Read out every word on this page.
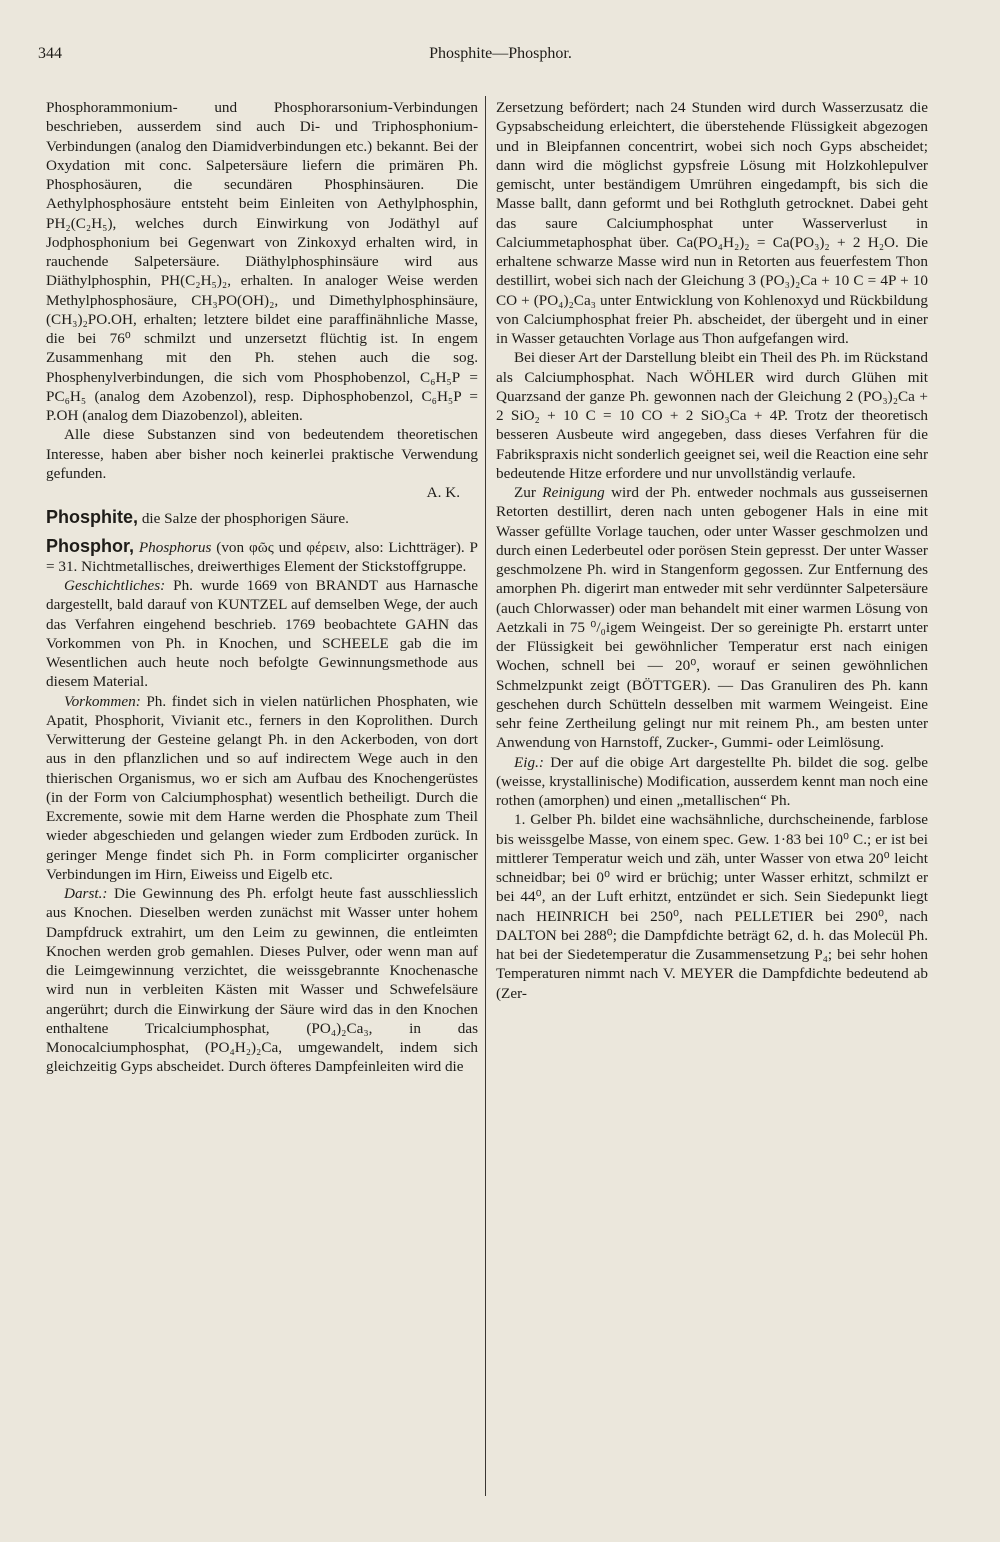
344	Phosphite—Phosphor.

Phosphorammonium- und Phosphorarsonium-Verbindungen beschrieben, ausserdem sind auch Di- und Triphosphonium-Verbindungen (analog den Diamidverbindungen etc.) bekannt. Bei der Oxydation mit conc. Salpetersäure liefern die primären Ph. Phosphosäuren, die secundären Phosphinsäuren. Die Aethylphosphosäure entsteht beim Einleiten von Aethylphosphin, PH₂(C₂H₅), welches durch Einwirkung von Jodäthyl auf Jodphosphonium bei Gegenwart von Zinkoxyd erhalten wird, in rauchende Salpetersäure. Diäthylphosphinsäure wird aus Diäthylphosphin, PH(C₂H₅)₂, erhalten. In analoger Weise werden Methylphosphosäure, CH₃PO(OH)₂, und Dimethylphosphinsäure, (CH₃)₂PO.OH, erhalten; letztere bildet eine paraffinähnliche Masse, die bei 76⁰ schmilzt und unzersetzt flüchtig ist. In engem Zusammenhang mit den Ph. stehen auch die sog. Phosphenylverbindungen, die sich vom Phosphobenzol, C₆H₅P = PC₆H₅ (analog dem Azobenzol), resp. Diphosphobenzol, C₆H₅P = P.OH (analog dem Diazobenzol), ableiten.

Alle diese Substanzen sind von bedeutendem theoretischen Interesse, haben aber bisher noch keinerlei praktische Verwendung gefunden.

A. K.

Phosphite, die Salze der phosphorigen Säure.

Phosphor, Phosphorus (von φῶς und φέρειν, also: Lichtträger). P = 31. Nichtmetallisches, dreiwerthiges Element der Stickstoffgruppe.

Geschichtliches: Ph. wurde 1669 von BRANDT aus Harnasche dargestellt, bald darauf von KUNTZEL auf demselben Wege, der auch das Verfahren eingehend beschrieb. 1769 beobachtete GAHN das Vorkommen von Ph. in Knochen, und SCHEELE gab die im Wesentlichen auch heute noch befolgte Gewinnungsmethode aus diesem Material.

Vorkommen: Ph. findet sich in vielen natürlichen Phosphaten, wie Apatit, Phosphorit, Vivianit etc., ferners in den Koprolithen. Durch Verwitterung der Gesteine gelangt Ph. in den Ackerboden, von dort aus in den pflanzlichen und so auf indirectem Wege auch in den thierischen Organismus, wo er sich am Aufbau des Knochengerüstes (in der Form von Calciumphosphat) wesentlich betheiligt. Durch die Excremente, sowie mit dem Harne werden die Phosphate zum Theil wieder abgeschieden und gelangen wieder zum Erdboden zurück. In geringer Menge findet sich Ph. in Form complicirter organischer Verbindungen im Hirn, Eiweiss und Eigelb etc.

Darst.: Die Gewinnung des Ph. erfolgt heute fast ausschliesslich aus Knochen. Dieselben werden zunächst mit Wasser unter hohem Dampfdruck extrahirt, um den Leim zu gewinnen, die entleimten Knochen werden grob gemahlen. Dieses Pulver, oder wenn man auf die Leimgewinnung verzichtet, die weissgebrannte Knochenasche wird nun in verbleiten Kästen mit Wasser und Schwefelsäure angerührt; durch die Einwirkung der Säure wird das in den Knochen enthaltene Tricalciumphosphat, (PO₄)₂Ca₃, in das Monocalciumphosphat, (PO₄H₂)₂Ca, umgewandelt, indem sich gleichzeitig Gyps abscheidet. Durch öfteres Dampfeinleiten wird die

Zersetzung befördert; nach 24 Stunden wird durch Wasserzusatz die Gypsabscheidung erleichtert, die überstehende Flüssigkeit abgezogen und in Bleipfannen concentrirt, wobei sich noch Gyps abscheidet; dann wird die möglichst gypsfreie Lösung mit Holzkohlepulver gemischt, unter beständigem Umrühren eingedampft, bis sich die Masse ballt, dann geformt und bei Rothgluth getrocknet. Dabei geht das saure Calciumphosphat unter Wasserverlust in Calciummetaphosphat über. Ca(PO₄H₂)₂ = Ca(PO₃)₂ + 2 H₂O. Die erhaltene schwarze Masse wird nun in Retorten aus feuerfestem Thon destillirt, wobei sich nach der Gleichung 3 (PO₃)₂Ca + 10 C = 4P + 10 CO + (PO₄)₂Ca₃ unter Entwicklung von Kohlenoxyd und Rückbildung von Calciumphosphat freier Ph. abscheidet, der übergeht und in einer in Wasser getauchten Vorlage aus Thon aufgefangen wird.

Bei dieser Art der Darstellung bleibt ein Theil des Ph. im Rückstand als Calciumphosphat. Nach WÖHLER wird durch Glühen mit Quarzsand der ganze Ph. gewonnen nach der Gleichung 2 (PO₃)₂Ca + 2 SiO₂ + 10 C = 10 CO + 2 SiO₃Ca + 4P. Trotz der theoretisch besseren Ausbeute wird angegeben, dass dieses Verfahren für die Fabrikspraxis nicht sonderlich geeignet sei, weil die Reaction eine sehr bedeutende Hitze erfordere und nur unvollständig verlaufe.

Zur Reinigung wird der Ph. entweder nochmals aus gusseisernen Retorten destillirt, deren nach unten gebogener Hals in eine mit Wasser gefüllte Vorlage tauchen, oder unter Wasser geschmolzen und durch einen Lederbeutel oder porösen Stein gepresst. Der unter Wasser geschmolzene Ph. wird in Stangenform gegossen. Zur Entfernung des amorphen Ph. digerirt man entweder mit sehr verdünnter Salpetersäure (auch Chlorwasser) oder man behandelt mit einer warmen Lösung von Aetzkali in 75 ⁰/₀igem Weingeist. Der so gereinigte Ph. erstarrt unter der Flüssigkeit bei gewöhnlicher Temperatur erst nach einigen Wochen, schnell bei — 20⁰, worauf er seinen gewöhnlichen Schmelzpunkt zeigt (BÖTTGER). — Das Granuliren des Ph. kann geschehen durch Schütteln desselben mit warmem Weingeist. Eine sehr feine Zertheilung gelingt nur mit reinem Ph., am besten unter Anwendung von Harnstoff, Zucker-, Gummi- oder Leimlösung.

Eig.: Der auf die obige Art dargestellte Ph. bildet die sog. gelbe (weisse, krystallinische) Modification, ausserdem kennt man noch eine rothen (amorphen) und einen „metallischen“ Ph.

1. Gelber Ph. bildet eine wachsähnliche, durchscheinende, farblose bis weissgelbe Masse, von einem spec. Gew. 1·83 bei 10⁰ C.; er ist bei mittlerer Temperatur weich und zäh, unter Wasser von etwa 20⁰ leicht schneidbar; bei 0⁰ wird er brüchig; unter Wasser erhitzt, schmilzt er bei 44⁰, an der Luft erhitzt, entzündet er sich. Sein Siedepunkt liegt nach HEINRICH bei 250⁰, nach PELLETIER bei 290⁰, nach DALTON bei 288⁰; die Dampfdichte beträgt 62, d. h. das Molecül Ph. hat bei der Siedetemperatur die Zusammensetzung P₄; bei sehr hohen Temperaturen nimmt nach V. MEYER die Dampfdichte bedeutend ab (Zer-
